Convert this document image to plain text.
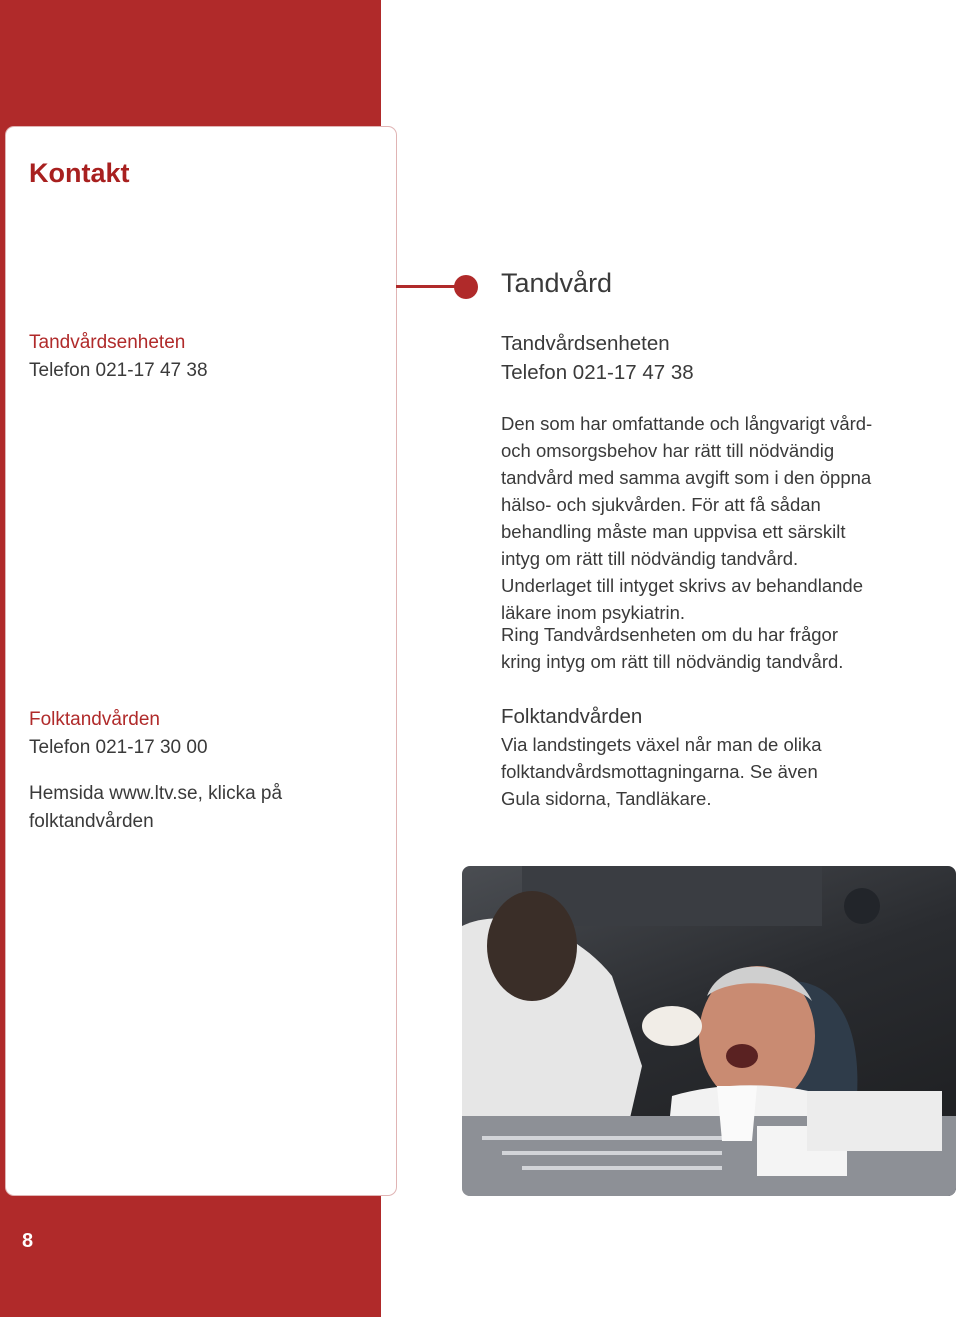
Kontakt
Tandvårdsenheten
Telefon 021-17 47 38
Folktandvården
Telefon 021-17 30 00
Hemsida www.ltv.se, klicka på
folktandvården
Tandvård
Tandvårdsenheten
Telefon 021-17 47 38

Den som har omfattande och långvarigt vård- och omsorgsbehov har rätt till nödvändig tandvård med samma avgift som i den öppna hälso- och sjukvården. För att få sådan behandling måste man uppvisa ett särskilt intyg om rätt till nödvändig tandvård. Underlaget till intyget skrivs av behandlande läkare inom psykiatrin.

Ring Tandvårdsenheten om du har frågor kring intyg om rätt till nödvändig tandvård.

Folktandvården

Via landstingets växel når man de olika folktandvårdsmottagningarna. Se även Gula sidorna, Tandläkare.

8
